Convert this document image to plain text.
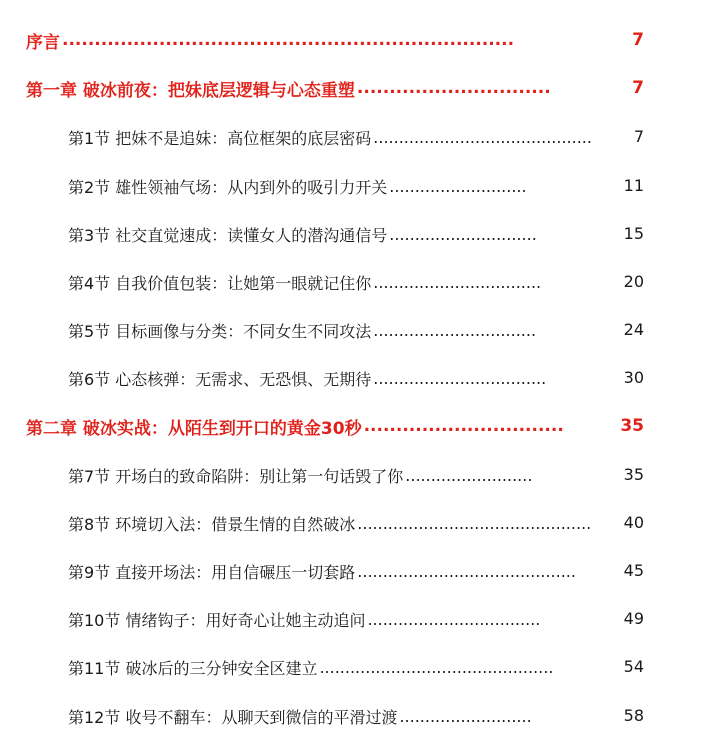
序言 ......................................................................	7
第一章 破冰前夜：把妹底层逻辑与心态重塑 ..............................	7
第1节 把妹不是追妹：高位框架的底层密码 ...........................................	7
第2节 雄性领袖气场：从内到外的吸引力开关 ...........................	11
第3节 社交直觉速成：读懂女人的潜沟通信号 .............................	15
第4节 自我价值包装：让她第一眼就记住你 .................................	20
第5节 目标画像与分类：不同女生不同攻法 ................................	24
第6节 心态核弹：无需求、无恐惧、无期待 ..................................	30
第二章 破冰实战：从陌生到开口的黄金30秒 ...............................	35
第7节 开场白的致命陷阱：别让第一句话毁了你 .........................	35
第8节 环境切入法：借景生情的自然破冰 ..............................................	40
第9节 直接开场法：用自信碾压一切套路 ...........................................	45
第10节 情绪钩子：用好奇心让她主动追问 ..................................	49
第11节 破冰后的三分钟安全区建立 ..............................................	54
第12节 收号不翻车：从聊天到微信的平滑过渡 ..........................	58
